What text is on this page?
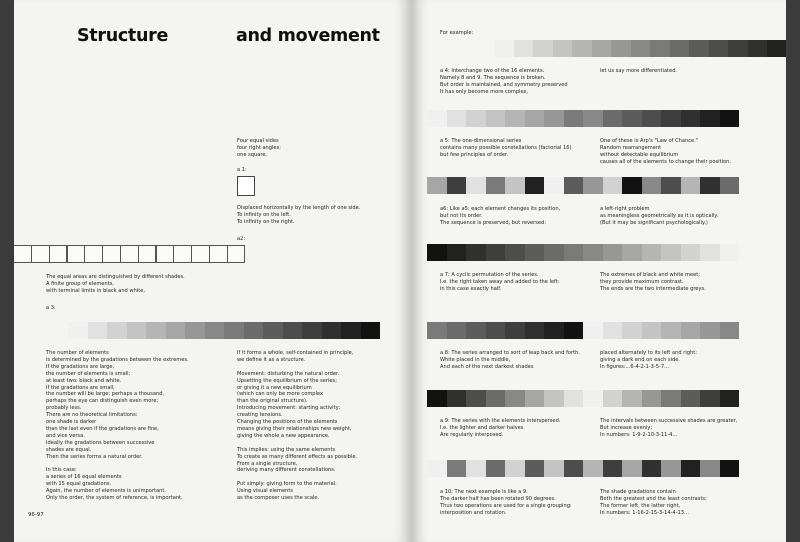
Structure	and movement
Four equal sides
four right angles:
one square.
a 1:
Displaced horizontally by the length of one side.
To infinity on the left.
To infinity on the right.
a2:
The equal areas are distinguished by different shades.
A finite group of elements,
with terminal limits in black and white,
a 3:
The number of elements
is determined by the gradations between the extremes.
If the gradations are large,
the number of elements is small;
at least two: black and white.
If the gradations are small,
the number will be large; perhaps a thousand,
perhaps the eye can distinguish even more;
probably less.
There are no theoretical limitations:
one shade is darker
than the last even if the gradations are fine,
and vice versa.
Ideally the gradations between successive
shades are equal.
Then the series forms a natural order.

In this case:
a series of 16 equal elements
with 15 equal gradations.
Again, the number of elements is unimportant.
Only the order, the system of reference, is important.
If it forms a whole, self-contained in principle,
we define it as a structure.

Movement: disturbing the natural order.
Upsetting the equilibrium of the series;
or giving it a new equilibrium
(which can only be more complex
than the original structure).
Introducing movement: starting activity;
creating tensions.
Changing the positions of the elements
means giving their relationships new weight,
giving the whole a new appearance.

This implies: using the same elements
To create as many different effects as possible.
From a single structure,
deriving many different constellations.

Put simply: giving form to the material.
Using visual elements
as the composer uses the scale.
96-97
For example:
a 4: Interchange two of the 16 elements.
Namely 8 and 9. The sequence is broken.
But order is maintained, and symmetry preserved
It has only become more complex,
let us say more differentiated.
a 5: The one-dimensional series
contains many possible constellations (factorial 16)
but few principles of order.
One of these is Arp's "Law of Chance."
Random rearrangement
without detectable equilibrium
causes all of the elements to change their position.
a6: Like a5: each element changes its position,
but not its order.
The sequence is preserved, but reversed:
a left-right problem
as meaningless geometrically as it is optically.
(But it may be significant psychologically.)
a 7: A cyclic permutation of the series.
I.e. the right taken away and added to the left:
in this case exactly half.
The extremes of black and white meet;
they provide maximum contrast.
The ends are the two intermediate greys.
a 8: The series arranged to sort of leap back and forth.
White placed in the middle,
And each of the next darkest shades
placed alternately to its left and right:
giving a dark end on each side.
In figures:...6-4-2-1-3-5-7...
a 9: The series with the elements interspersed.
I.e. the lighter and darker halves
Are regularly interposed.
The intervals between successive shades are greater,
But increase evenly;
In numbers: 1-9-2-10-3-11-4...
a 10: The next example is like a 9.
The darker half has been rotated 90 degrees.
Thus two operations are used for a single grouping:
interposition and rotation.
The shade gradations contain
Both the greatest and the least contrasts;
The former left, the latter right,
In numbers: 1-16-2-15-3-14-4-13...
